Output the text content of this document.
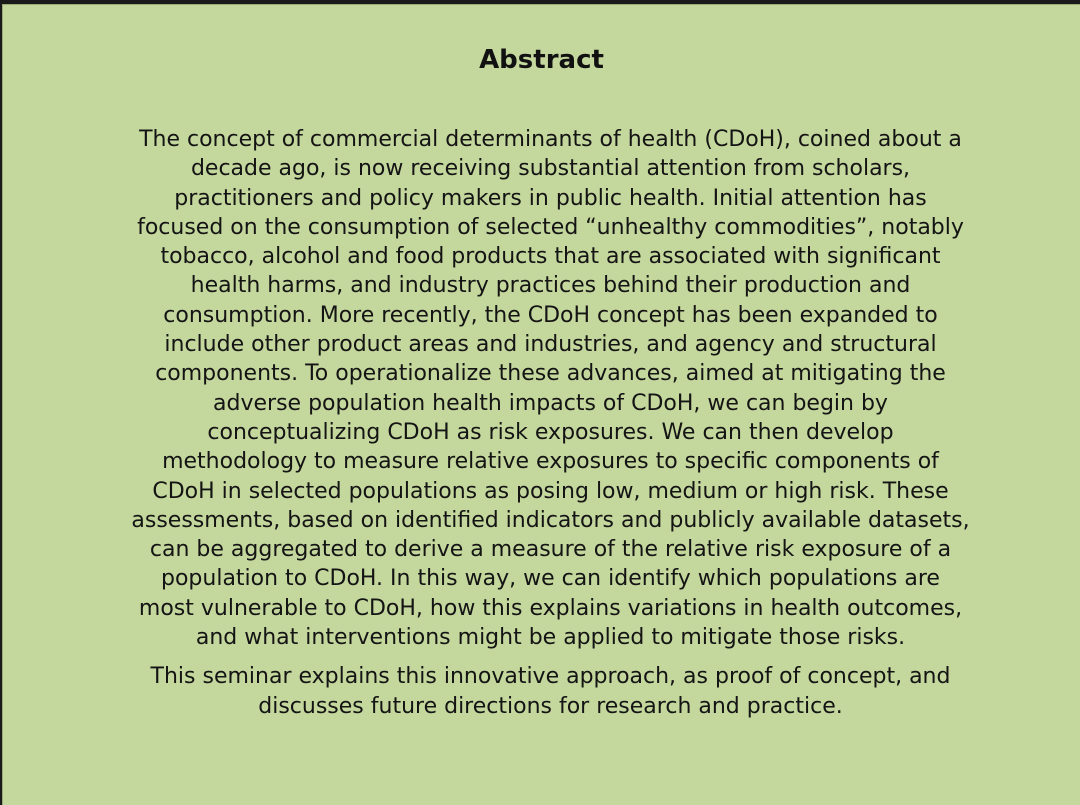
Abstract
The concept of commercial determinants of health (CDoH), coined about a
decade ago, is now receiving substantial attention from scholars,
practitioners and policy makers in public health. Initial attention has
focused on the consumption of selected “unhealthy commodities”, notably
tobacco, alcohol and food products that are associated with significant
health harms, and industry practices behind their production and
consumption. More recently, the CDoH concept has been expanded to
include other product areas and industries, and agency and structural
components. To operationalize these advances, aimed at mitigating the
adverse population health impacts of CDoH, we can begin by
conceptualizing CDoH as risk exposures. We can then develop
methodology to measure relative exposures to specific components of
CDoH in selected populations as posing low, medium or high risk. These
assessments, based on identified indicators and publicly available datasets,
can be aggregated to derive a measure of the relative risk exposure of a
population to CDoH. In this way, we can identify which populations are
most vulnerable to CDoH, how this explains variations in health outcomes,
and what interventions might be applied to mitigate those risks.
This seminar explains this innovative approach, as proof of concept, and
discusses future directions for research and practice.
